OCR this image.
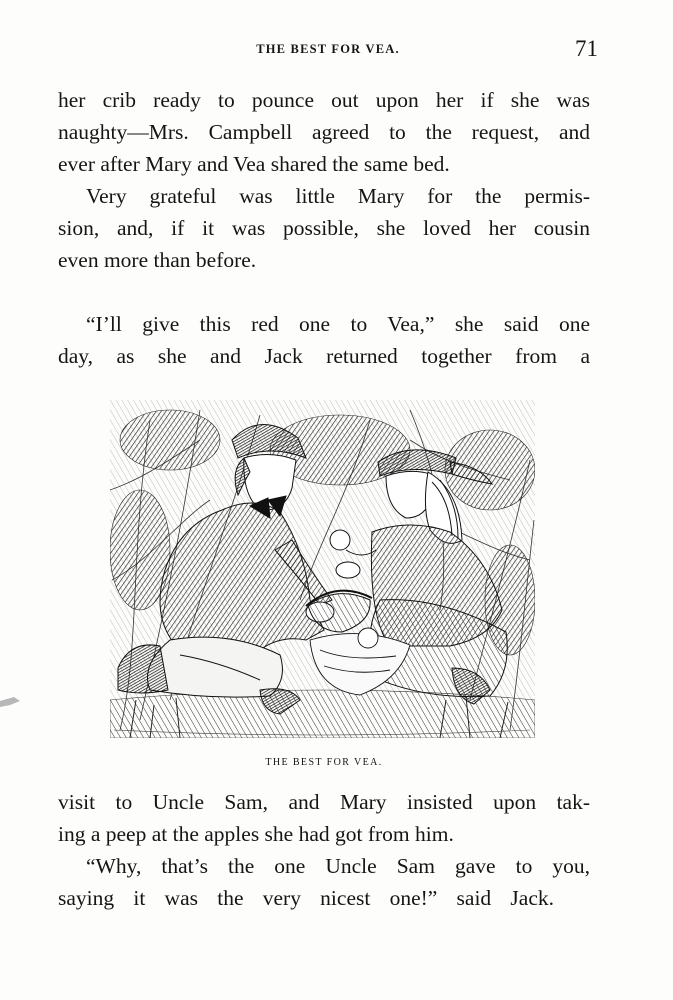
THE BEST FOR VEA.	71
her crib ready to pounce out upon her if she was
naughty—Mrs. Campbell agreed to the request, and
ever after Mary and Vea shared the same bed.
Very grateful was little Mary for the permis-
sion, and, if it was possible, she loved her cousin
even more than before.
“I’ll give this red one to Vea,” she said one
day, as she and Jack returned together from a
THE BEST FOR VEA.
visit to Uncle Sam, and Mary insisted upon tak-
ing a peep at the apples she had got from him.
“Why, that’s the one Uncle Sam gave to you,
saying it was the very nicest one!” said Jack.
